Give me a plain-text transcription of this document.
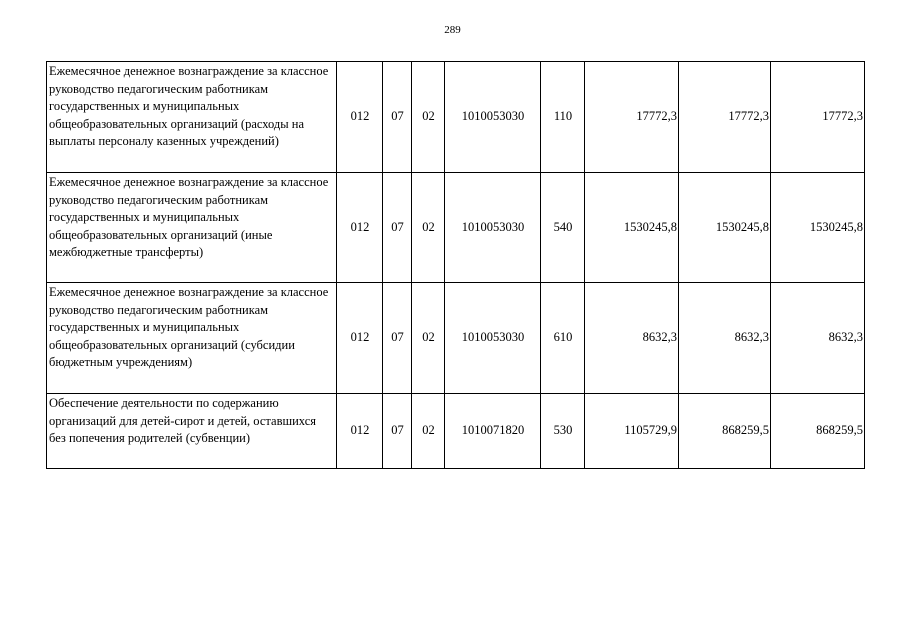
289
Ежемесячное денежное вознаграждение за классное руководство педагогическим работникам государственных и муниципальных общеобразовательных организаций (расходы на выплаты персоналу казенных учреждений)	012	07	02	1010053030	110	17772,3	17772,3	17772,3
Ежемесячное денежное вознаграждение за классное руководство педагогическим работникам государственных и муниципальных общеобразовательных организаций (иные межбюджетные трансферты)	012	07	02	1010053030	540	1530245,8	1530245,8	1530245,8
Ежемесячное денежное вознаграждение за классное руководство педагогическим работникам государственных и муниципальных общеобразовательных организаций (субсидии бюджетным учреждениям)	012	07	02	1010053030	610	8632,3	8632,3	8632,3
Обеспечение деятельности по содержанию организаций для детей-сирот и детей, оставшихся без попечения родителей (субвенции)	012	07	02	1010071820	530	1105729,9	868259,5	868259,5
